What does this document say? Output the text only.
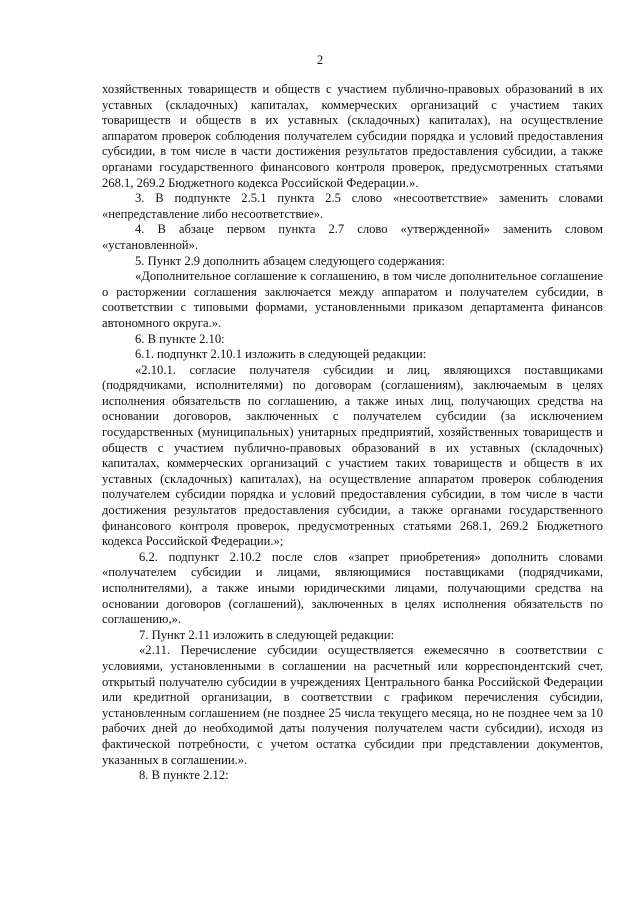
2

хозяйственных товариществ и обществ с участием публично-правовых образований в их уставных (складочных) капиталах, коммерческих организаций с участием таких товариществ и обществ в их уставных (складочных) капиталах), на осуществление аппаратом проверок соблюдения получателем субсидии порядка и условий предоставления субсидии, в том числе в части достижения результатов предоставления субсидии, а также органами государственного финансового контроля проверок, предусмотренных статьями 268.1, 269.2 Бюджетного кодекса Российской Федерации.».

3. В подпункте 2.5.1 пункта 2.5 слово «несоответствие» заменить словами «непредставление либо несоответствие».

4. В абзаце первом пункта 2.7 слово «утвержденной» заменить словом «установленной».

5. Пункт 2.9 дополнить абзацем следующего содержания:

«Дополнительное соглашение к соглашению, в том числе дополнительное соглашение о расторжении соглашения заключается между аппаратом и получателем субсидии, в соответствии с типовыми формами, установленными приказом департамента финансов автономного округа.».

6. В пункте 2.10:

6.1. подпункт 2.10.1 изложить в следующей редакции:

«2.10.1. согласие получателя субсидии и лиц, являющихся поставщиками (подрядчиками, исполнителями) по договорам (соглашениям), заключаемым в целях исполнения обязательств по соглашению, а также иных лиц, получающих средства на основании договоров, заключенных с получателем субсидии (за исключением государственных (муниципальных) унитарных предприятий, хозяйственных товариществ и обществ с участием публично-правовых образований в их уставных (складочных) капиталах, коммерческих организаций с участием таких товариществ и обществ в их уставных (складочных) капиталах), на осуществление аппаратом проверок соблюдения получателем субсидии порядка и условий предоставления субсидии, в том числе в части достижения результатов предоставления субсидии, а также органами государственного финансового контроля проверок, предусмотренных статьями 268.1, 269.2 Бюджетного кодекса Российской Федерации.»;

6.2. подпункт 2.10.2 после слов «запрет приобретения» дополнить словами «получателем субсидии и лицами, являющимися поставщиками (подрядчиками, исполнителями), а также иными юридическими лицами, получающими средства на основании договоров (соглашений), заключенных в целях исполнения обязательств по соглашению,».

7. Пункт 2.11 изложить в следующей редакции:

«2.11. Перечисление субсидии осуществляется ежемесячно в соответствии с условиями, установленными в соглашении на расчетный или корреспондентский счет, открытый получателю субсидии в учреждениях Центрального банка Российской Федерации или кредитной организации, в соответствии с графиком перечисления субсидии, установленным соглашением (не позднее 25 числа текущего месяца, но не позднее чем за 10 рабочих дней до необходимой даты получения получателем части субсидии), исходя из фактической потребности, с учетом остатка субсидии при представлении документов, указанных в соглашении.».

8. В пункте 2.12:
